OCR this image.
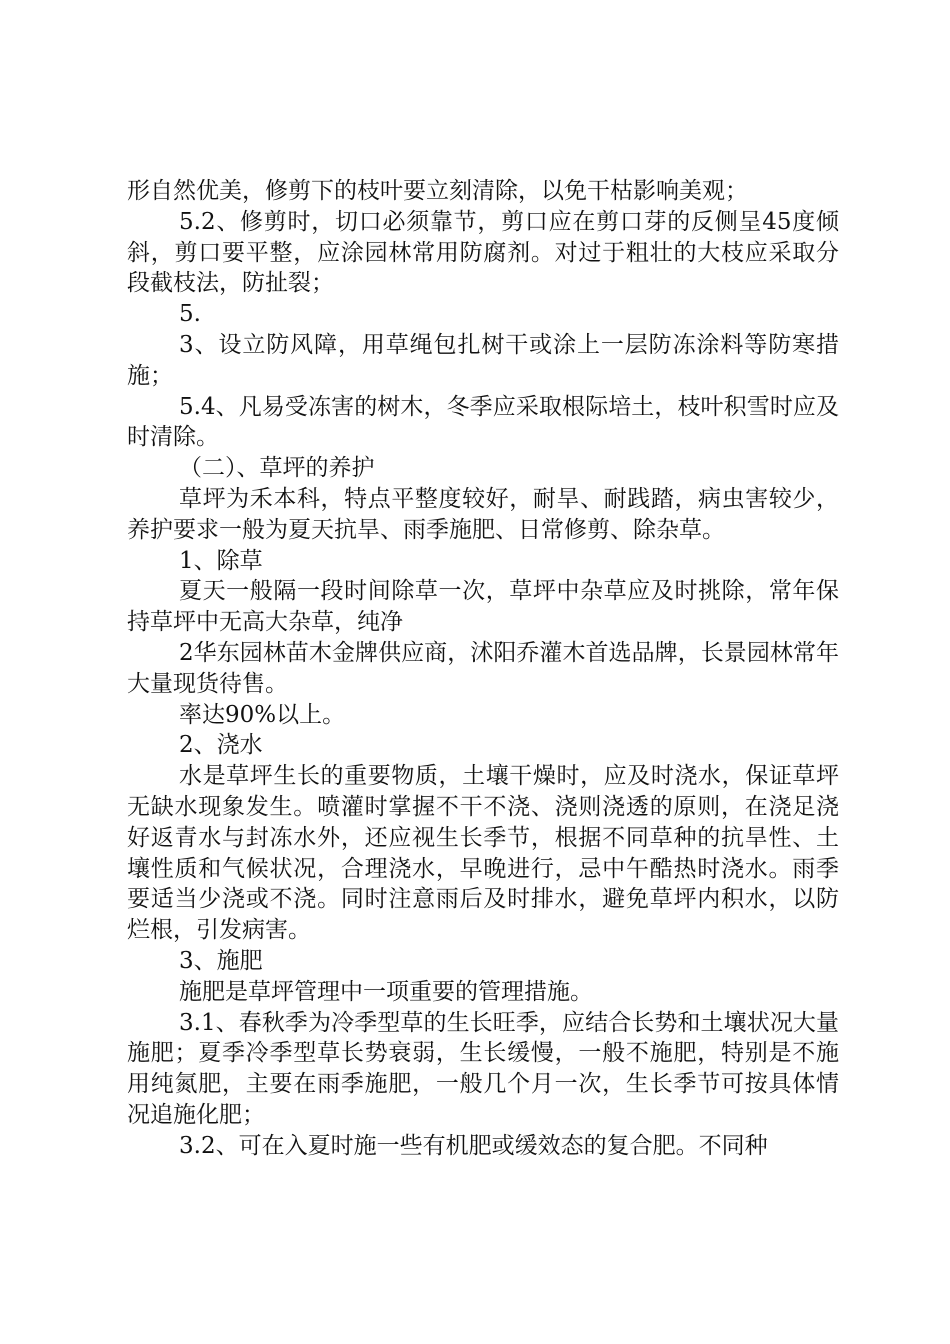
形自然优美，修剪下的枝叶要立刻清除，以免干枯影响美观；

5.2、修剪时，切口必须靠节，剪口应在剪口芽的反侧呈45度倾斜，剪口要平整，应涂园林常用防腐剂。对过于粗壮的大枝应采取分段截枝法，防扯裂；

5.

3、设立防风障，用草绳包扎树干或涂上一层防冻涂料等防寒措施；

5.4、凡易受冻害的树木，冬季应采取根际培土，枝叶积雪时应及时清除。

（二）、草坪的养护

草坪为禾本科，特点平整度较好，耐旱、耐践踏，病虫害较少，养护要求一般为夏天抗旱、雨季施肥、日常修剪、除杂草。

1、除草

夏天一般隔一段时间除草一次，草坪中杂草应及时挑除，常年保持草坪中无高大杂草，纯净

2华东园林苗木金牌供应商，沭阳乔灌木首选品牌，长景园林常年大量现货待售。

率达90%以上。

2、浇水

水是草坪生长的重要物质，土壤干燥时，应及时浇水，保证草坪无缺水现象发生。喷灌时掌握不干不浇、浇则浇透的原则，在浇足浇好返青水与封冻水外，还应视生长季节，根据不同草种的抗旱性、土壤性质和气候状况，合理浇水，早晚进行，忌中午酷热时浇水。雨季要适当少浇或不浇。同时注意雨后及时排水，避免草坪内积水，以防烂根，引发病害。

3、施肥

施肥是草坪管理中一项重要的管理措施。

3.1、春秋季为冷季型草的生长旺季，应结合长势和土壤状况大量施肥；夏季冷季型草长势衰弱，生长缓慢，一般不施肥，特别是不施用纯氮肥，主要在雨季施肥，一般几个月一次，生长季节可按具体情况追施化肥；

3.2、可在入夏时施一些有机肥或缓效态的复合肥。不同种
